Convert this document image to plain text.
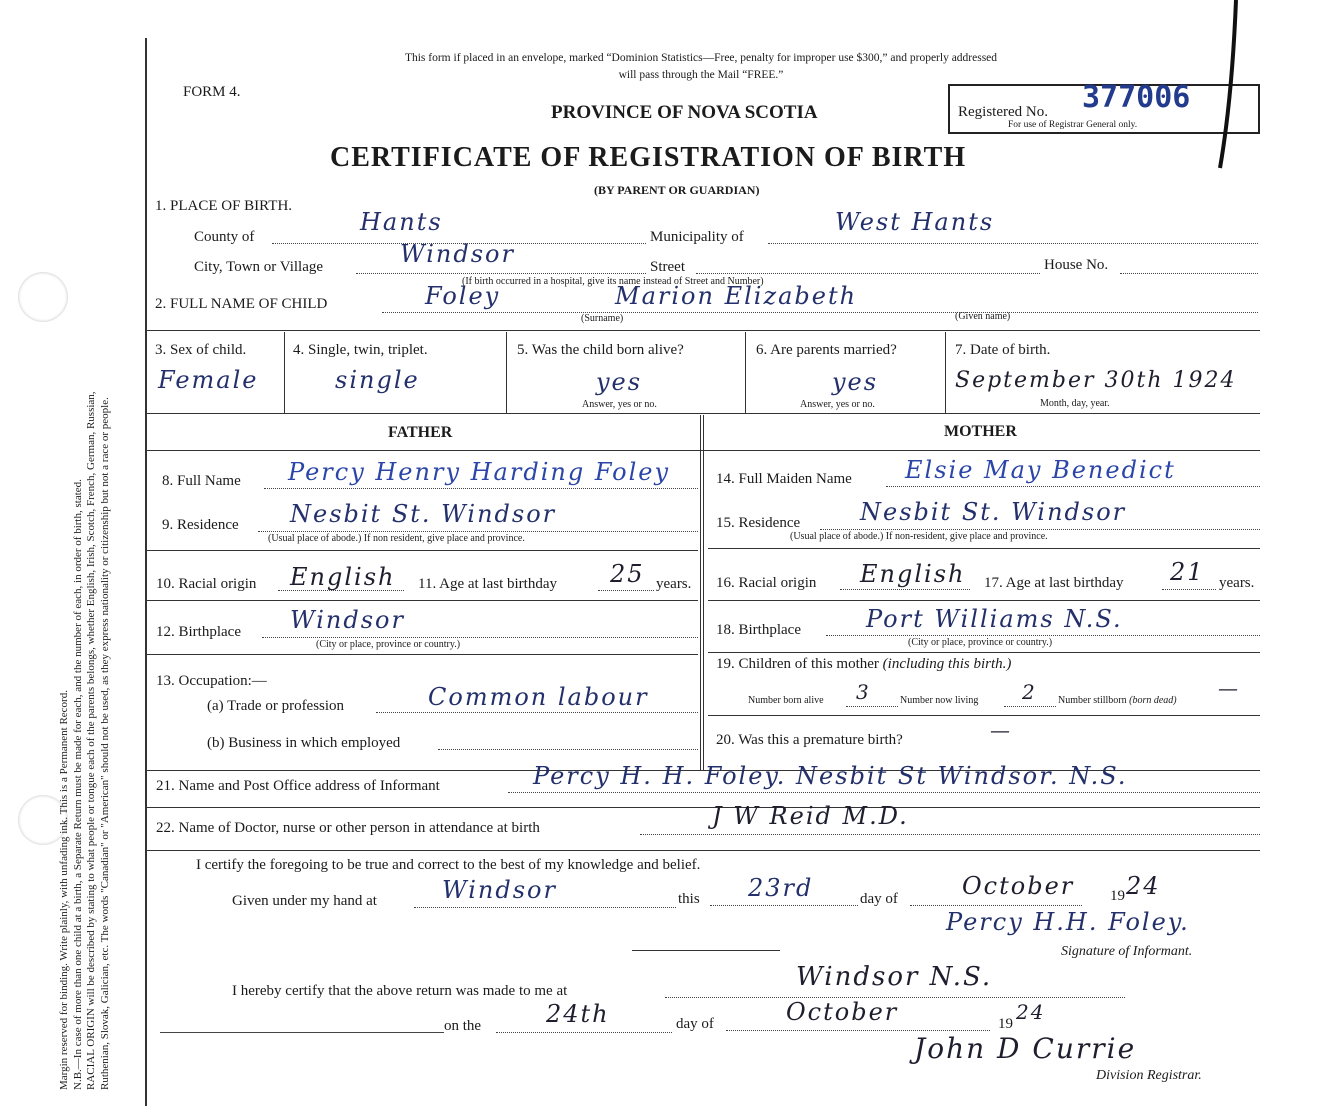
Margin reserved for binding. Write plainly, with unfading ink. This is a Permanent Record. N.B.—In case of more than one child at a birth, a Separate Return must be made for each, and the number of each, in order of birth, stated. RACIAL ORIGIN will be described by stating to what people or tongue each of the parents belongs, whether English, Irish, Scotch, French, German, Russian, Ruthenian, Slovak, Galician, etc. The words "Canadian" or "American" should not be used, as they express nationality or citizenship but not a race or people.
This form if placed in an envelope, marked “Dominion Statistics—Free, penalty for improper use $300,” and properly addressed
will pass through the Mail “FREE.”
FORM 4.
PROVINCE OF NOVA SCOTIA
CERTIFICATE OF REGISTRATION OF BIRTH
(BY PARENT OR GUARDIAN)
Registered No. 377006
For use of Registrar General only.
1. PLACE OF BIRTH.
County of
Hants
Municipality of
West Hants
City, Town or Village	Windsor	Street	House No.
(If birth occurred in a hospital, give its name instead of Street and Number)
2. FULL NAME OF CHILD	Foley	Marion Elizabeth
(Surname)	(Given name)
3. Sex of child.
Female
4. Single, twin, triplet.
single
5. Was the child born alive?
yes
Answer, yes or no.
6. Are parents married?
yes
Answer, yes or no.
7. Date of birth.
September 30th 1924
Month, day, year.
FATHER	MOTHER
8. Full Name Percy Henry Harding Foley
9. Residence Nesbit St. Windsor
(Usual place of abode.) If non resident, give place and province.
10. Racial origin English 11. Age at last birthday 25 years.
12. Birthplace Windsor
(City or place, province or country.)
13. Occupation:—
(a) Trade or profession	Common labour
(b) Business in which employed
14. Full Maiden Name Elsie May Benedict
15. Residence Nesbit St. Windsor
(Usual place of abode.) If non-resident, give place and province.
16. Racial origin English 17. Age at last birthday 21 years.
18. Birthplace	Port Williams N.S.
(City or place, province or country.)
19. Children of this mother (including this birth.)
Number born alive 3	Number now living 2 Number stillborn (born dead)
—
20. Was this a premature birth?	—
21. Name and Post Office address of Informant	Percy H. H. Foley. Nesbit St Windsor. N.S.
22. Name of Doctor, nurse or other person in attendance at birth	J W Reid M.D.
I certify the foregoing to be true and correct to the best of my knowledge and belief.
Given under my hand at	Windsor	this 23rd	day of	October 19 24
Percy H.H. Foley.
Signature of Informant.
I hereby certify that the above return was made to me at	Windsor N.S.
on the	24th	day of	October	19 24
John D Currie
Division Registrar.
